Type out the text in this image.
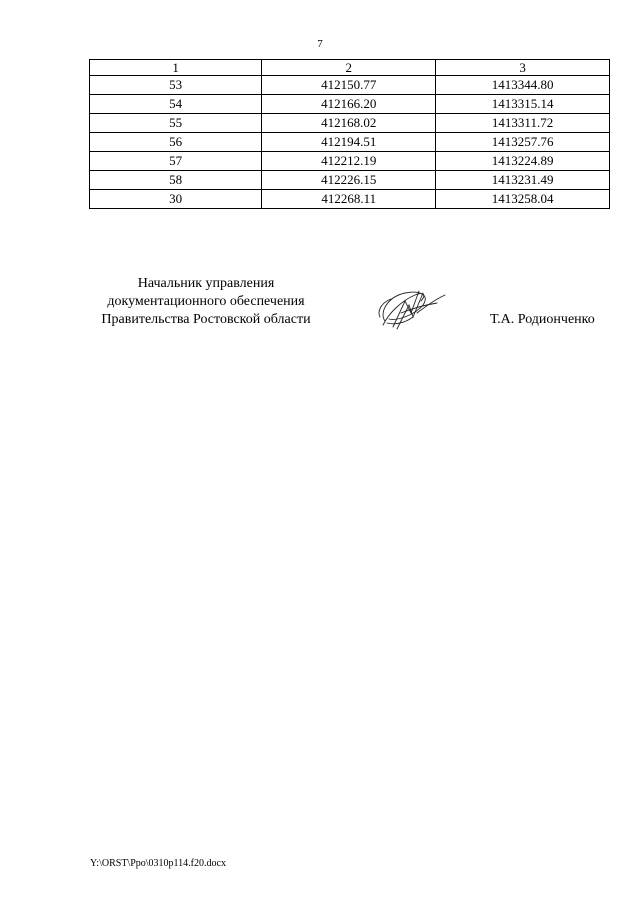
7
1	2	3
53	412150.77	1413344.80
54	412166.20	1413315.14
55	412168.02	1413311.72
56	412194.51	1413257.76
57	412212.19	1413224.89
58	412226.15	1413231.49
30	412268.11	1413258.04
Начальник управления
документационного обеспечения
Правительства Ростовской области	Т.А. Родионченко
Y:\ORST\Ppo\0310p114.f20.docx
